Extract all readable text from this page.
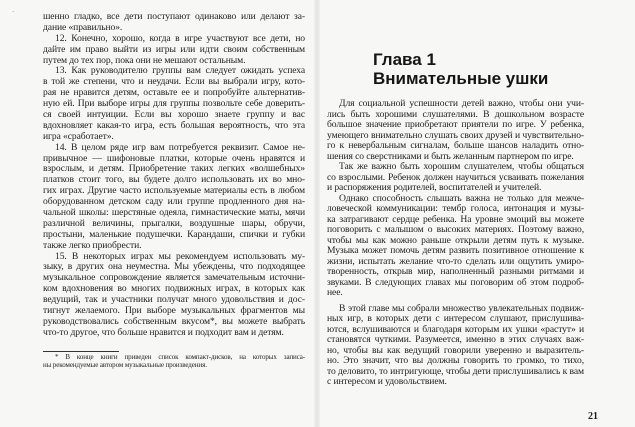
·	шенно гладко, все дети поступают одинаково или делают за-
дание «правильно».
12. Конечно, хорошо, когда в игре участвуют все дети, но
дайте им право выйти из игры или идти своим собственным
путем до тех пор, пока они не мешают остальным.
13. Как руководителю группы вам следует ожидать успеха
в той же степени, что и неудачи. Если вы выбрали игру, кото-
рая не нравится детям, оставьте ее и попробуйте альтернатив-
ную ей. При выборе игры для группы позвольте себе доверить-
ся своей интуиции. Если вы хорошо знаете группу и вас
вдохновляет какая-то игра, есть большая вероятность, что эта
игра «сработает».
14. В целом ряде игр вам потребуется реквизит. Самое не-
привычное — шифоновые платки, которые очень нравятся и
взрослым, и детям. Приобретение таких легких «волшебных»
платков стоит того, вы будете долго использовать их во мно-
гих играх. Другие часто используемые материалы есть в любом
оборудованном детском саду или группе продленного дня на-
чальной школы: шерстяные одеяла, гимнастические маты, мячи
различной величины, прыгалки, воздушные шары, обручи,
простыни, маленькие подушечки. Карандаши, спички и губки
также легко приобрести.
15. В некоторых играх мы рекомендуем использовать му-
зыку, в других она неуместна. Мы убеждены, что подходящее
музыкальное сопровождение является замечательным источни-
ком вдохновения во многих подвижных играх, в которых как
ведущий, так и участники получат много удовольствия и дос-
тигнут желаемого. При выборе музыкальных фрагментов мы
руководствовались собственным вкусом*, вы можете выбрать
что-то другое, что больше нравится и подходит вам и детям.
* В конце книги приведен список компакт-дисков, на которых записа-
ны рекомендуемые автором музыкальные произведения.
Глава 1
Внимательные ушки
Для социальной успешности детей важно, чтобы они учи-
лись быть хорошими слушателями. В дошкольном возрасте
большое значение приобретают приятели по игре. У ребенка,
умеющего внимательно слушать своих друзей и чувствительно-
го к невербальным сигналам, больше шансов наладить отно-
шения со сверстниками и быть желанным партнером по игре.
Так же важно быть хорошим слушателем, чтобы общаться
со взрослыми. Ребенок должен научиться усваивать пожелания
и распоряжения родителей, воспитателей и учителей.
Однако способность слышать важна не только для межче-
ловеческой коммуникации: тембр голоса, интонация и музы-
ка затрагивают сердце ребенка. На уровне эмоций вы можете
поговорить с малышом о высоких материях. Поэтому важно,
чтобы мы как можно раньше открыли детям путь к музыке.
Музыка может помочь детям развить позитивное отношение к
жизни, испытать желание что-то сделать или ощутить умиро-
творенность, открыв мир, наполненный разными ритмами и
звуками. В следующих главах мы поговорим об этом подроб-
нее.
В этой главе мы собрали множество увлекательных подвиж-
ных игр, в которых дети с интересом слушают, прислушива-
ются, вслушиваются и благодаря которым их ушки «растут» и
становятся чуткими. Разумеется, именно в этих случаях важ-
но, чтобы вы как ведущий говорили уверенно и выразитель-
но. Это значит, что вы должны говорить то громко, то тихо,
то деловито, то интригующе, чтобы дети прислушивались к вам
с интересом и удовольствием.
21
